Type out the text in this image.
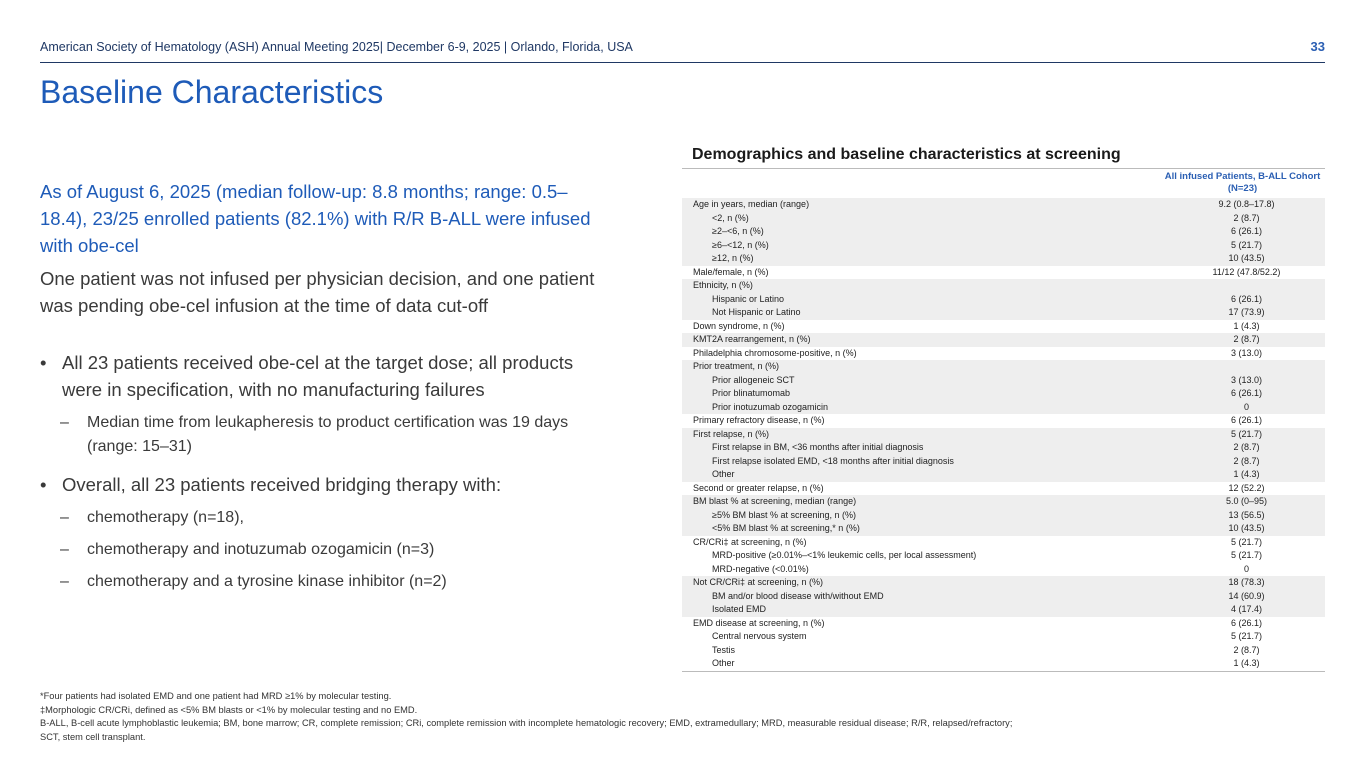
American Society of Hematology (ASH) Annual Meeting 2025| December 6-9, 2025 | Orlando, Florida, USA	33
Baseline Characteristics
As of August 6, 2025 (median follow-up: 8.8 months; range: 0.5–18.4), 23/25 enrolled patients (82.1%) with R/R B-ALL were infused with obe-cel
One patient was not infused per physician decision, and one patient was pending obe-cel infusion at the time of data cut-off
• All 23 patients received obe-cel at the target dose; all products were in specification, with no manufacturing failures
– Median time from leukapheresis to product certification was 19 days (range: 15–31)
• Overall, all 23 patients received bridging therapy with:
– chemotherapy (n=18),
– chemotherapy and inotuzumab ozogamicin (n=3)
– chemotherapy and a tyrosine kinase inhibitor (n=2)
Demographics and baseline characteristics at screening
All infused Patients, B-ALL Cohort
(N=23)
Age in years, median (range)	9.2 (0.8–17.8)
<2, n (%)	2 (8.7)
≥2–<6, n (%)	6 (26.1)
≥6–<12, n (%)	5 (21.7)
≥12, n (%)	10 (43.5)
Male/female, n (%)	11/12 (47.8/52.2)
Ethnicity, n (%)
Hispanic or Latino	6 (26.1)
Not Hispanic or Latino	17 (73.9)
Down syndrome, n (%)	1 (4.3)
KMT2A rearrangement, n (%)	2 (8.7)
Philadelphia chromosome-positive, n (%)	3 (13.0)
Prior treatment, n (%)
Prior allogeneic SCT	3 (13.0)
Prior blinatumomab	6 (26.1)
Prior inotuzumab ozogamicin	0
Primary refractory disease, n (%)	6 (26.1)
First relapse, n (%)	5 (21.7)
First relapse in BM, <36 months after initial diagnosis	2 (8.7)
First relapse isolated EMD, <18 months after initial diagnosis	2 (8.7)
Other	1 (4.3)
Second or greater relapse, n (%)	12 (52.2)
BM blast % at screening, median (range)	5.0 (0–95)
≥5% BM blast % at screening, n (%)	13 (56.5)
<5% BM blast % at screening,* n (%)	10 (43.5)
CR/CRi‡ at screening, n (%)	5 (21.7)
MRD-positive (≥0.01%–<1% leukemic cells, per local assessment)	5 (21.7)
MRD-negative (<0.01%)	0
Not CR/CRi‡ at screening, n (%)	18 (78.3)
BM and/or blood disease with/without EMD	14 (60.9)
Isolated EMD	4 (17.4)
EMD disease at screening, n (%)	6 (26.1)
Central nervous system	5 (21.7)
Testis	2 (8.7)
Other	1 (4.3)
*Four patients had isolated EMD and one patient had MRD ≥1% by molecular testing.
‡Morphologic CR/CRi, defined as <5% BM blasts or <1% by molecular testing and no EMD.
B-ALL, B-cell acute lymphoblastic leukemia; BM, bone marrow; CR, complete remission; CRi, complete remission with incomplete hematologic recovery; EMD, extramedullary; MRD, measurable residual disease; R/R, relapsed/refractory;
SCT, stem cell transplant.
